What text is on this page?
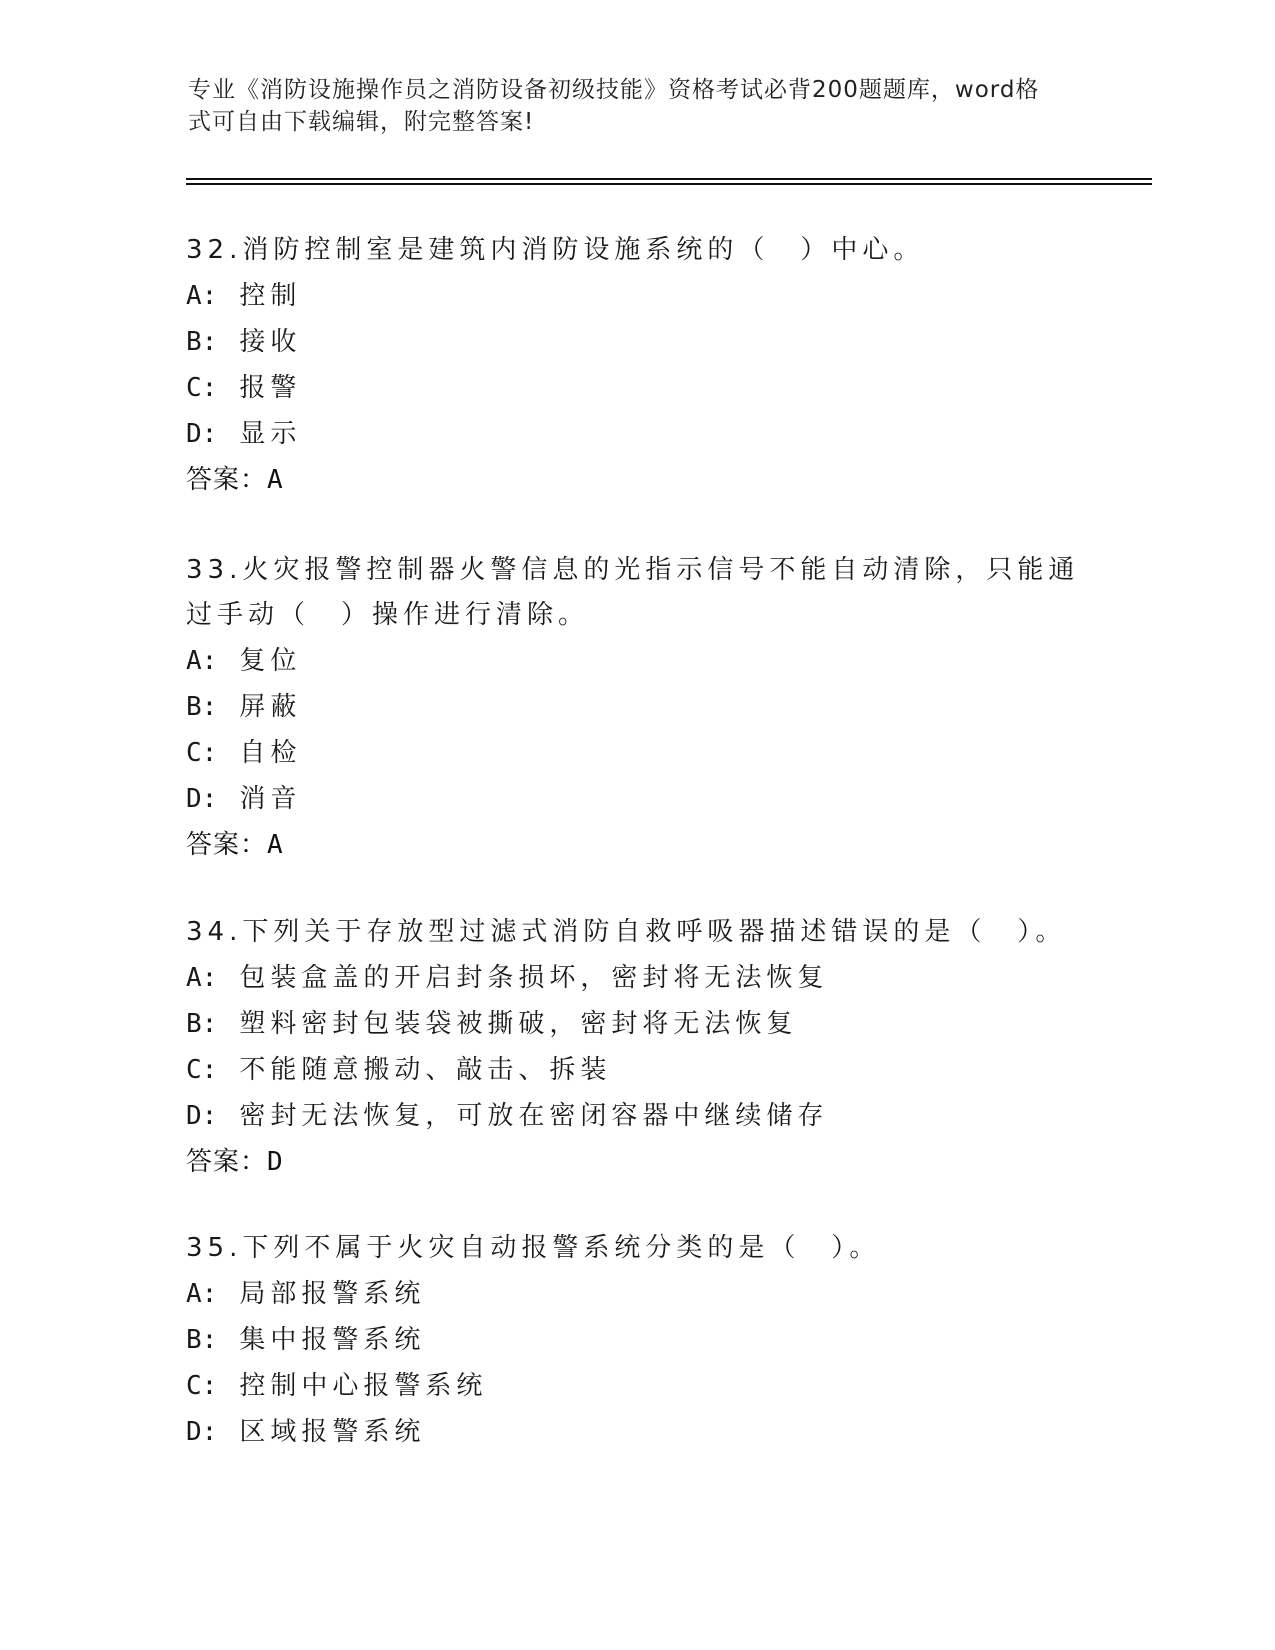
专业《消防设施操作员之消防设备初级技能》资格考试必背200题题库，word格
式可自由下载编辑，附完整答案!
32.消防控制室是建筑内消防设施系统的（　）中心。
A: 控制
B: 接收
C: 报警
D: 显示
答案：A
33.火灾报警控制器火警信息的光指示信号不能自动清除，只能通过手动（　）操作进行清除。
A: 复位
B: 屏蔽
C: 自检
D: 消音
答案：A
34.下列关于存放型过滤式消防自救呼吸器描述错误的是（　）。
A: 包装盒盖的开启封条损坏，密封将无法恢复
B: 塑料密封包装袋被撕破，密封将无法恢复
C: 不能随意搬动、敲击、拆装
D: 密封无法恢复，可放在密闭容器中继续储存
答案：D
35.下列不属于火灾自动报警系统分类的是（　）。
A: 局部报警系统
B: 集中报警系统
C: 控制中心报警系统
D: 区域报警系统
